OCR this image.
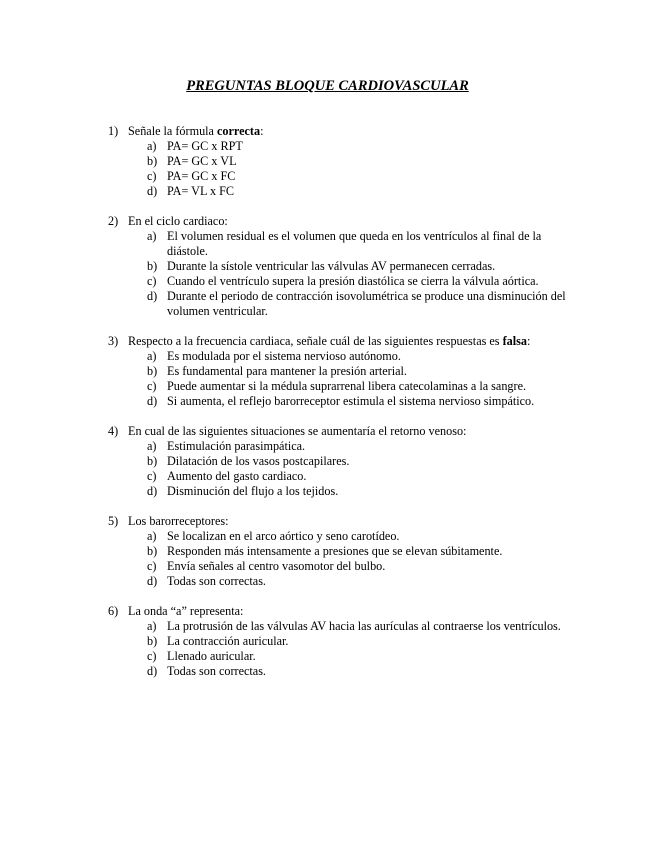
PREGUNTAS BLOQUE CARDIOVASCULAR
1) Señale la fórmula correcta:
a) PA= GC x RPT
b) PA= GC x VL
c) PA= GC x FC
d) PA= VL x FC
2) En el ciclo cardiaco:
a) El volumen residual es el volumen que queda en los ventrículos al final de la diástole.
b) Durante la sístole ventricular las válvulas AV permanecen cerradas.
c) Cuando el ventrículo supera la presión diastólica se cierra la válvula aórtica.
d) Durante el periodo de contracción isovolumétrica se produce una disminución del volumen ventricular.
3) Respecto a la frecuencia cardiaca, señale cuál de las siguientes respuestas es falsa:
a) Es modulada por el sistema nervioso autónomo.
b) Es fundamental para mantener la presión arterial.
c) Puede aumentar si la médula suprarrenal libera catecolaminas a la sangre.
d) Si aumenta, el reflejo barorreceptor estimula el sistema nervioso simpático.
4) En cual de las siguientes situaciones se aumentaría el retorno venoso:
a) Estimulación parasimpática.
b) Dilatación de los vasos postcapilares.
c) Aumento del gasto cardiaco.
d) Disminución del flujo a los tejidos.
5) Los barorreceptores:
a) Se localizan en el arco aórtico y seno carotídeo.
b) Responden más intensamente a presiones que se elevan súbitamente.
c) Envía señales al centro vasomotor del bulbo.
d) Todas son correctas.
6) La onda “a” representa:
a) La protrusión de las válvulas AV hacia las aurículas al contraerse los ventrículos.
b) La contracción auricular.
c) Llenado auricular.
d) Todas son correctas.
